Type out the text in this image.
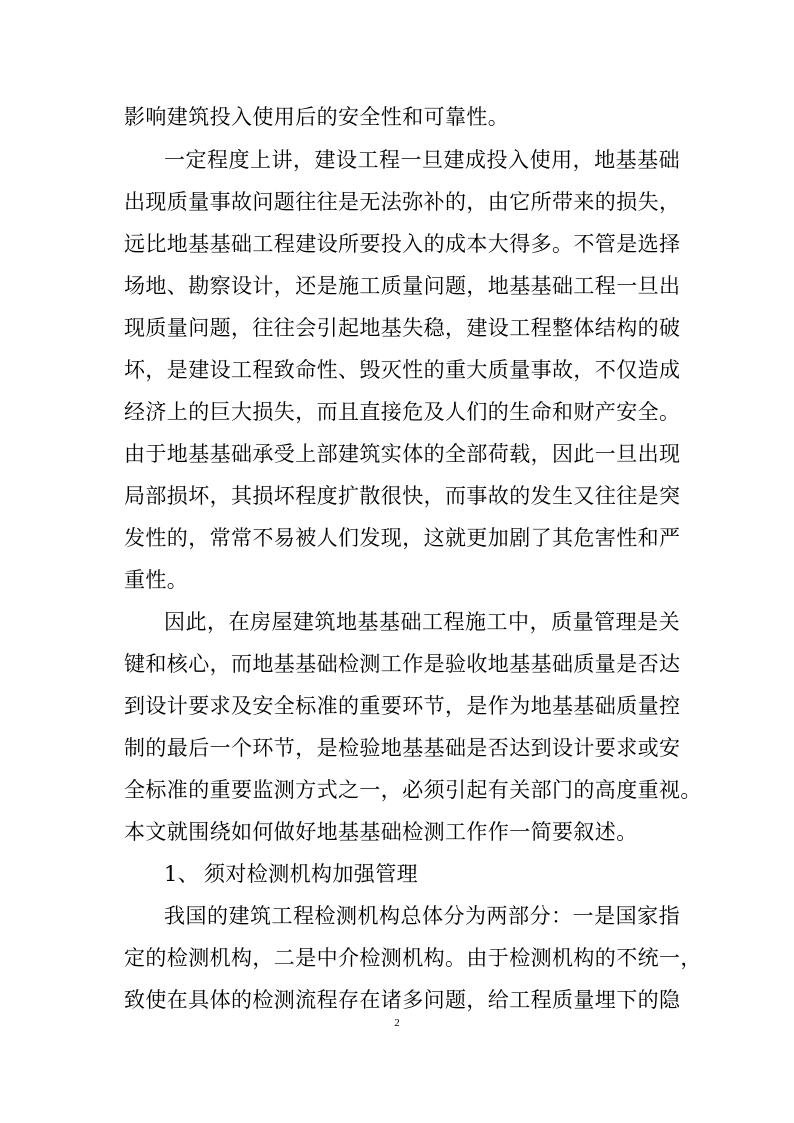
影响建筑投入使用后的安全性和可靠性。
一定程度上讲，建设工程一旦建成投入使用，地基基础
出现质量事故问题往往是无法弥补的，由它所带来的损失，
远比地基基础工程建设所要投入的成本大得多。不管是选择
场地、勘察设计，还是施工质量问题，地基基础工程一旦出
现质量问题，往往会引起地基失稳，建设工程整体结构的破
坏，是建设工程致命性、毁灭性的重大质量事故，不仅造成
经济上的巨大损失，而且直接危及人们的生命和财产安全。
由于地基基础承受上部建筑实体的全部荷载，因此一旦出现
局部损坏，其损坏程度扩散很快，而事故的发生又往往是突
发性的，常常不易被人们发现，这就更加剧了其危害性和严
重性。
因此，在房屋建筑地基基础工程施工中，质量管理是关
键和核心，而地基基础检测工作是验收地基基础质量是否达
到设计要求及安全标准的重要环节，是作为地基基础质量控
制的最后一个环节，是检验地基基础是否达到设计要求或安
全标准的重要监测方式之一，必须引起有关部门的高度重视。
本文就围绕如何做好地基基础检测工作作一简要叙述。
1、 须对检测机构加强管理
我国的建筑工程检测机构总体分为两部分：一是国家指
定的检测机构，二是中介检测机构。由于检测机构的不统一，
致使在具体的检测流程存在诸多问题，给工程质量埋下的隐
2
